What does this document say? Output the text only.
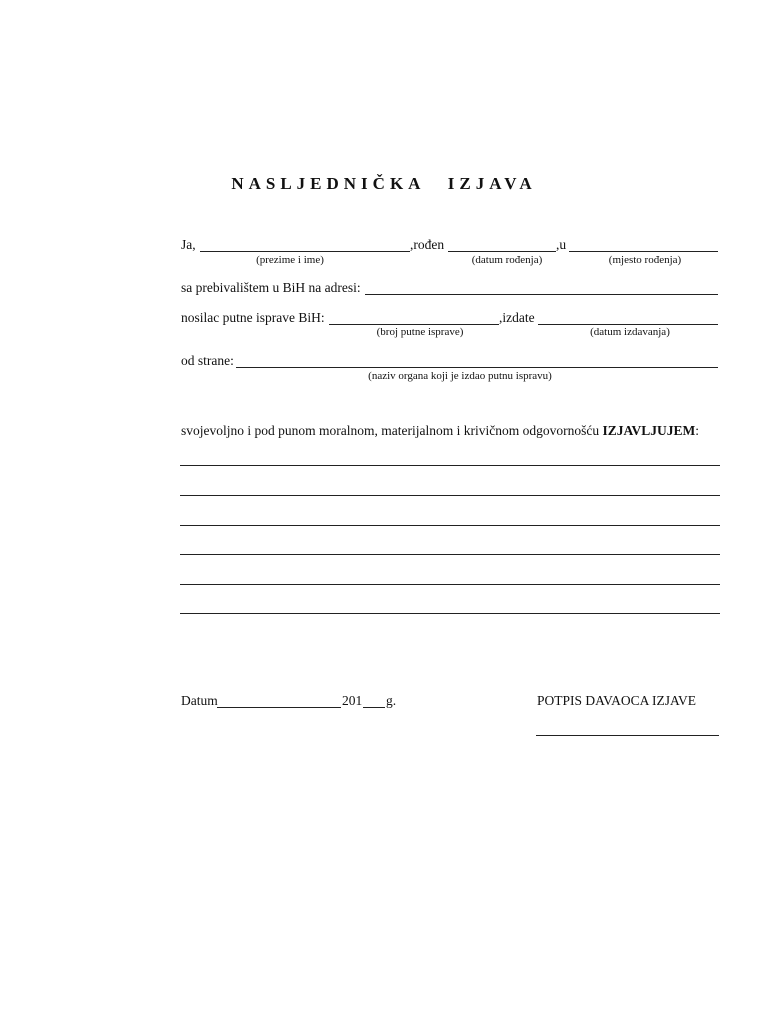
NASLJEDNIČKA IZJAVA
Ja,	,rođen	,u
(prezime i ime)	(datum rođenja)	(mjesto rođenja)
sa prebivalištem u BiH na adresi:
nosilac putne isprave BiH:	,izdate
(broj putne isprave)	(datum izdavanja)
od strane:
(naziv organa koji je izdao putnu ispravu)
svojevoljno i pod punom moralnom, materijalnom i krivičnom odgovornošću IZJAVLJUJEM:
Datum	201 g.	POTPIS DAVAOCA IZJAVE
